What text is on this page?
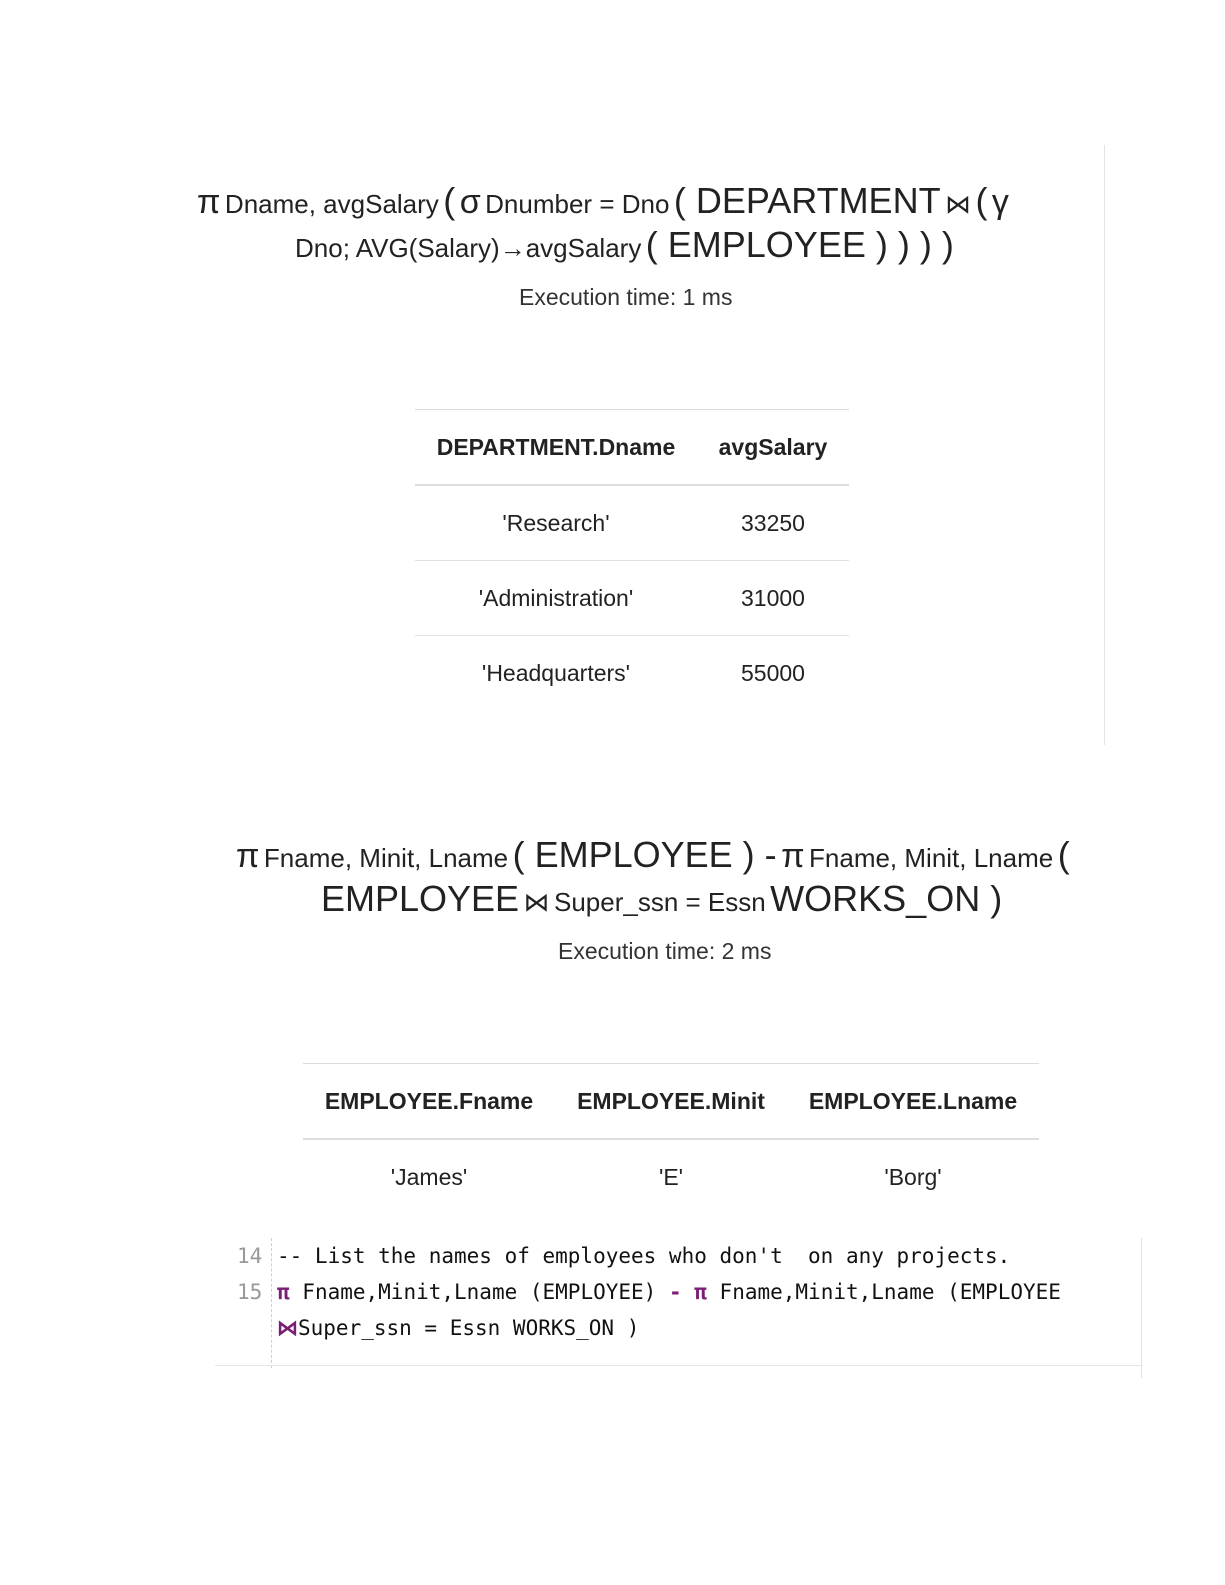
π Dname, avgSalary ( σ Dnumber = Dno ( DEPARTMENT ⋈ ( γ
Dno; AVG(Salary)→avgSalary ( EMPLOYEE ) ) ) )
Execution time: 1 ms
DEPARTMENT.Dname	avgSalary
'Research'	33250
'Administration'	31000
'Headquarters'	55000
π Fname, Minit, Lname ( EMPLOYEE ) - π Fname, Minit, Lname (
EMPLOYEE ⋈ Super_ssn = Essn WORKS_ON )
Execution time: 2 ms
EMPLOYEE.Fname	EMPLOYEE.Minit	EMPLOYEE.Lname
'James'	'E'	'Borg'
14 -- List the names of employees who don't  on any projects.
15 π Fname,Minit,Lname (EMPLOYEE) - π Fname,Minit,Lname (EMPLOYEE
⋈Super_ssn = Essn WORKS_ON )
